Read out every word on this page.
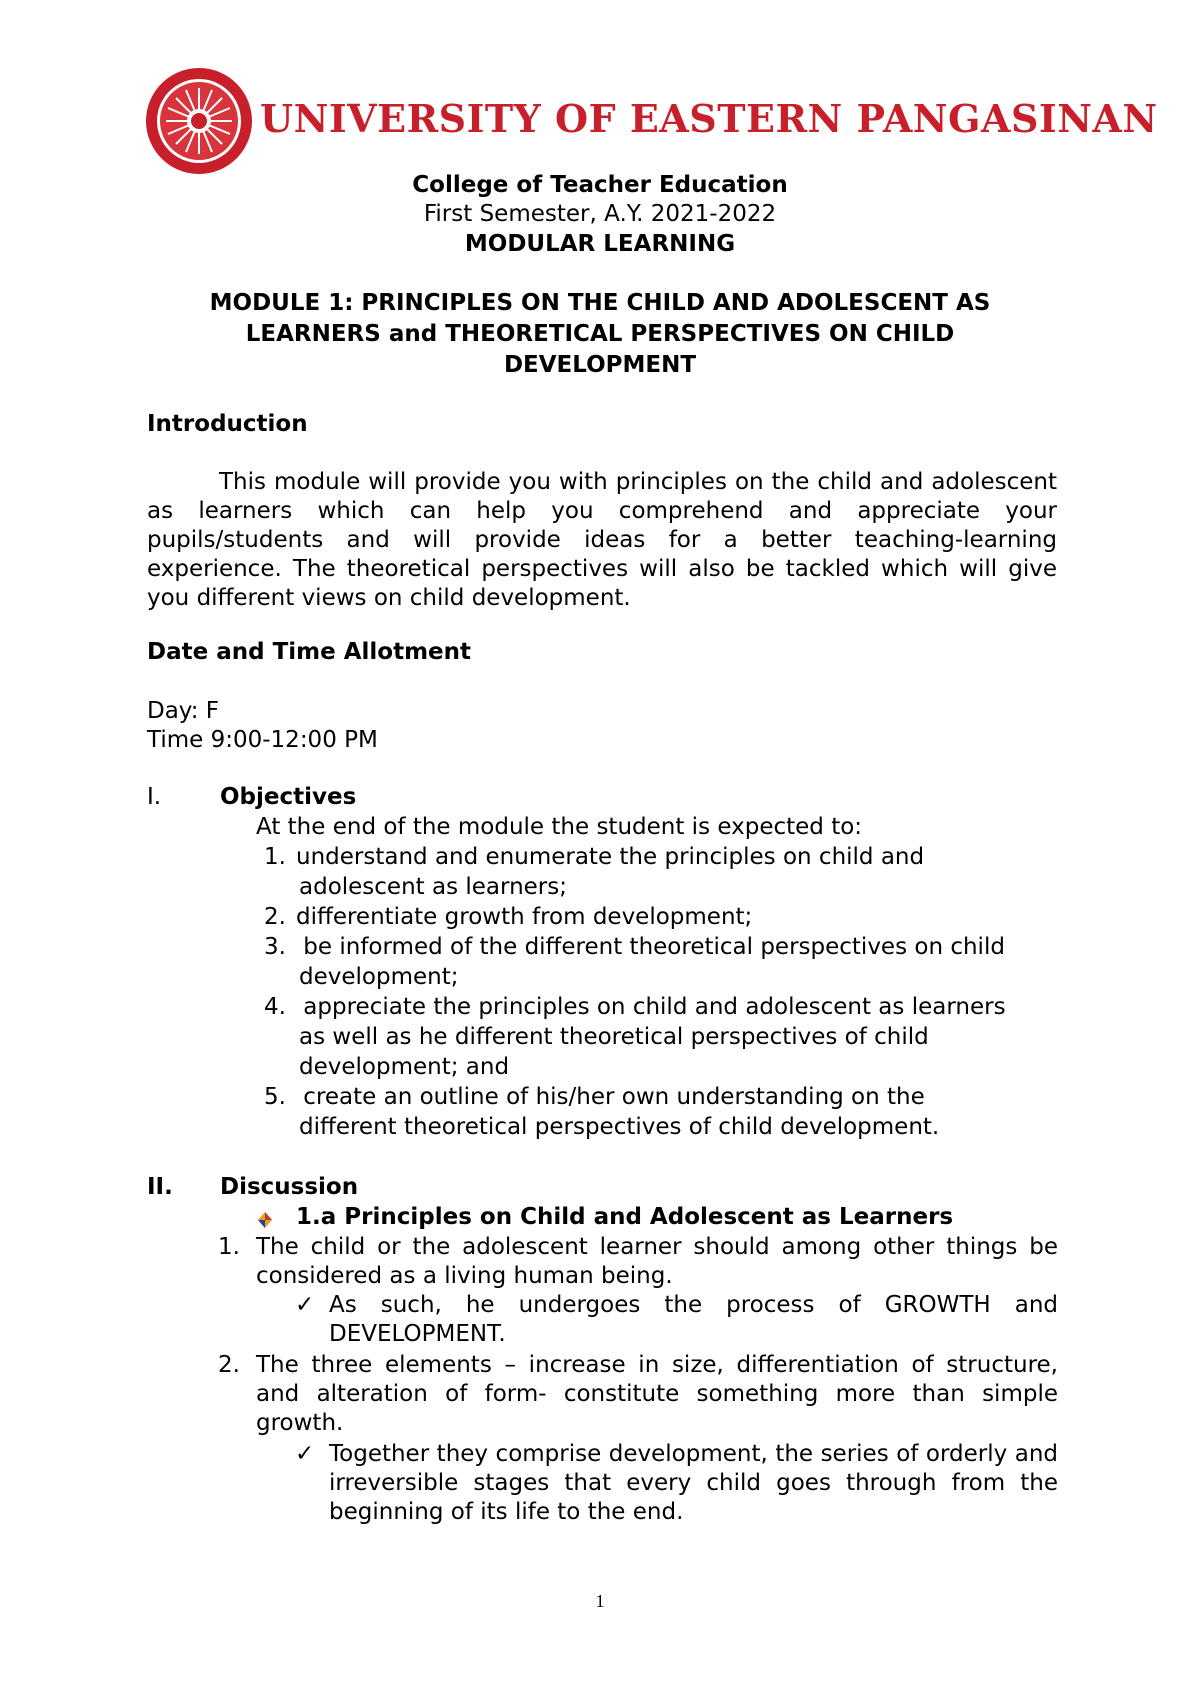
UNIVERSITY OF EASTERN PANGASINAN

College of Teacher Education

First Semester, A.Y. 2021-2022

MODULAR LEARNING

MODULE 1: PRINCIPLES ON THE CHILD AND ADOLESCENT AS
LEARNERS and THEORETICAL PERSPECTIVES ON CHILD
DEVELOPMENT

Introduction

This module will provide you with principles on the child and adolescent as learners which can help you comprehend and appreciate your pupils/students and will provide ideas for a better teaching-learning experience. The theoretical perspectives will also be tackled which will give you different views on child development.

Date and Time Allotment

Day: F

Time 9:00-12:00 PM

I.	Objectives

At the end of the module the student is expected to:

1. understand and enumerate the principles on child and

adolescent as learners;

2. differentiate growth from development;

3. be informed of the different theoretical perspectives on child

development;

4. appreciate the principles on child and adolescent as learners

as well as he different theoretical perspectives of child

development; and

5. create an outline of his/her own understanding on the

different theoretical perspectives of child development.

II. Discussion

1.a Principles on Child and Adolescent as Learners

1. The child or the adolescent learner should among other things be considered as a living human being.

✓ As such, he undergoes the process of GROWTH and DEVELOPMENT.

2. The three elements – increase in size, differentiation of structure, and alteration of form- constitute something more than simple growth.

✓ Together they comprise development, the series of orderly and irreversible stages that every child goes through from the beginning of its life to the end.

1
